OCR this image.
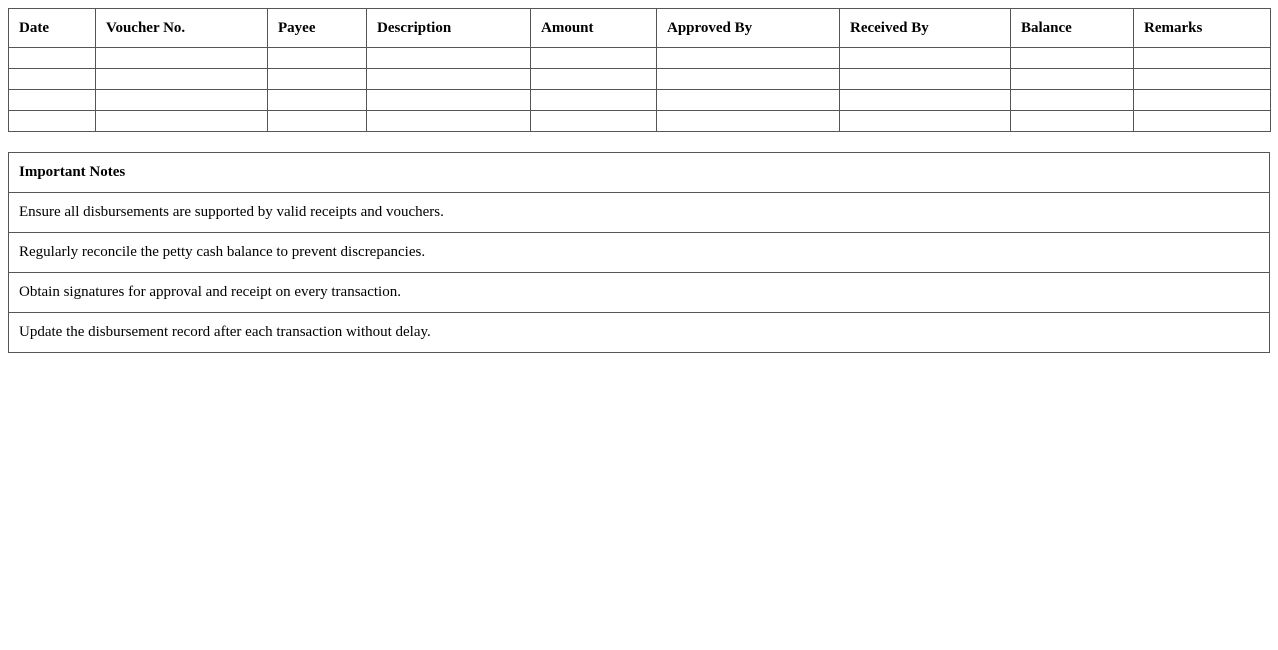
Date	Voucher No.	Payee	Description	Amount	Approved By	Received By	Balance	Remarks

Important Notes
Ensure all disbursements are supported by valid receipts and vouchers.
Regularly reconcile the petty cash balance to prevent discrepancies.
Obtain signatures for approval and receipt on every transaction.
Update the disbursement record after each transaction without delay.
